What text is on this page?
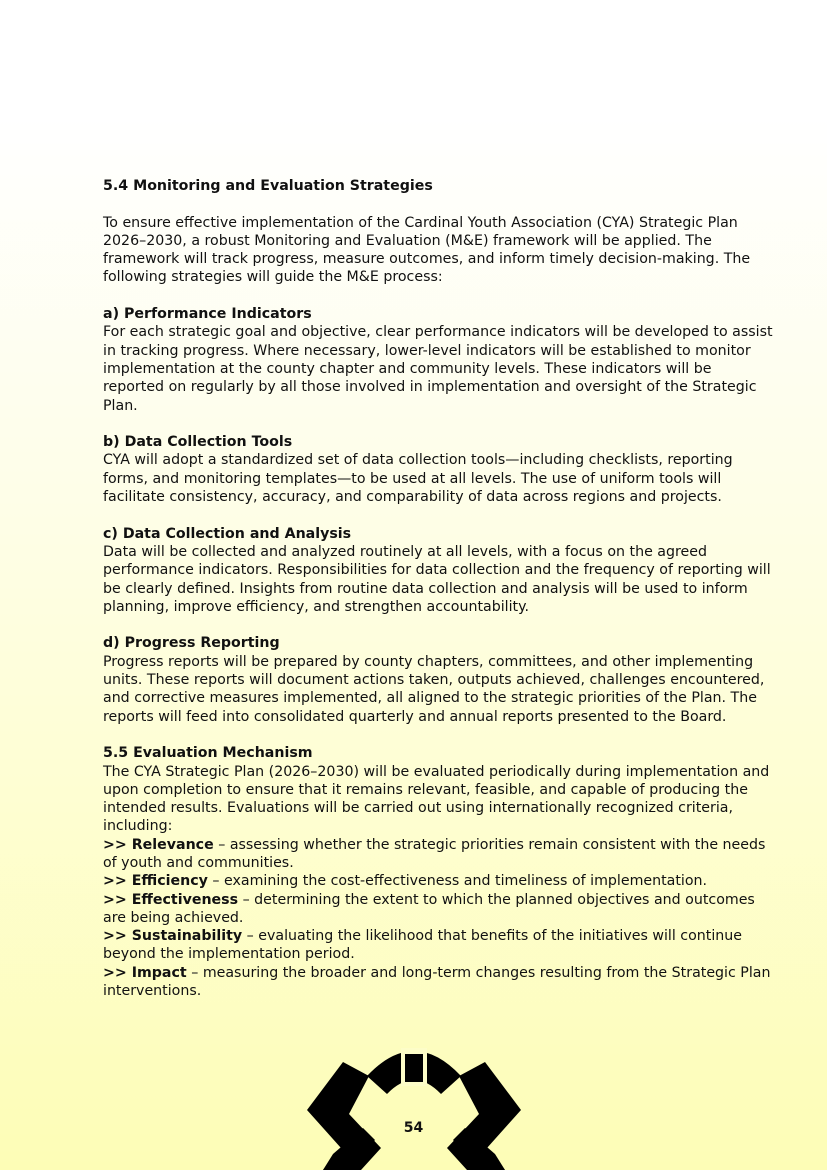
5.4 Monitoring and Evaluation Strategies

To ensure effective implementation of the Cardinal Youth Association (CYA) Strategic Plan 2026–2030, a robust Monitoring and Evaluation (M&E) framework will be applied. The framework will track progress, measure outcomes, and inform timely decision-making. The following strategies will guide the M&E process:

a) Performance Indicators

For each strategic goal and objective, clear performance indicators will be developed to assist in tracking progress. Where necessary, lower-level indicators will be established to monitor implementation at the county chapter and community levels. These indicators will be reported on regularly by all those involved in implementation and oversight of the Strategic Plan.

b) Data Collection Tools

CYA will adopt a standardized set of data collection tools—including checklists, reporting forms, and monitoring templates—to be used at all levels. The use of uniform tools will facilitate consistency, accuracy, and comparability of data across regions and projects.

c) Data Collection and Analysis

Data will be collected and analyzed routinely at all levels, with a focus on the agreed performance indicators. Responsibilities for data collection and the frequency of reporting will be clearly defined. Insights from routine data collection and analysis will be used to inform planning, improve efficiency, and strengthen accountability.

d) Progress Reporting

Progress reports will be prepared by county chapters, committees, and other implementing units. These reports will document actions taken, outputs achieved, challenges encountered, and corrective measures implemented, all aligned to the strategic priorities of the Plan. The reports will feed into consolidated quarterly and annual reports presented to the Board.

5.5 Evaluation Mechanism

The CYA Strategic Plan (2026–2030) will be evaluated periodically during implementation and upon completion to ensure that it remains relevant, feasible, and capable of producing the intended results. Evaluations will be carried out using internationally recognized criteria, including:

>> Relevance – assessing whether the strategic priorities remain consistent with the needs of youth and communities.

>> Efficiency – examining the cost-effectiveness and timeliness of implementation.

>> Effectiveness – determining the extent to which the planned objectives and outcomes are being achieved.

>> Sustainability – evaluating the likelihood that benefits of the initiatives will continue beyond the implementation period.

>> Impact – measuring the broader and long-term changes resulting from the Strategic Plan interventions.

54
